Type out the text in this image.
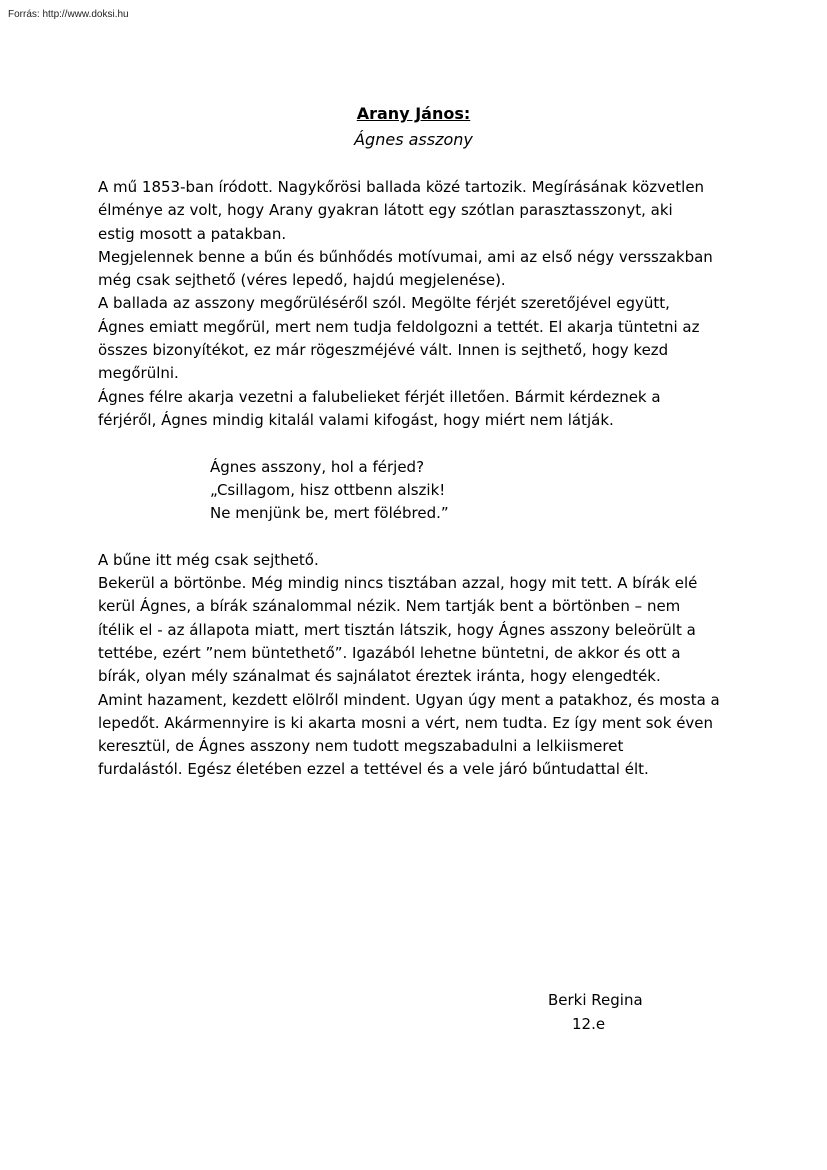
Forrás: http://www.doksi.hu
Arany János:
Ágnes asszony

A mű 1853-ban íródott. Nagykőrösi ballada közé tartozik. Megírásának közvetlen

élménye az volt, hogy Arany gyakran látott egy szótlan parasztasszonyt, aki

estig mosott a patakban.

Megjelennek benne a bűn és bűnhődés motívumai, ami az első négy versszakban

még csak sejthető (véres lepedő, hajdú megjelenése).

A ballada az asszony megőrüléséről szól. Megölte férjét szeretőjével együtt,

Ágnes emiatt megőrül, mert nem tudja feldolgozni a tettét. El akarja tüntetni az

összes bizonyítékot, ez már rögeszméjévé vált. Innen is sejthető, hogy kezd

megőrülni.

Ágnes félre akarja vezetni a falubelieket férjét illetően. Bármit kérdeznek a

férjéről, Ágnes mindig kitalál valami kifogást, hogy miért nem látják.

Ágnes asszony, hol a férjed?

„Csillagom, hisz ottbenn alszik!

Ne menjünk be, mert fölébred.”

A bűne itt még csak sejthető.

Bekerül a börtönbe. Még mindig nincs tisztában azzal, hogy mit tett. A bírák elé

kerül Ágnes, a bírák szánalommal nézik. Nem tartják bent a börtönben – nem

ítélik el - az állapota miatt, mert tisztán látszik, hogy Ágnes asszony beleörült a

tettébe, ezért ”nem büntethető”. Igazából lehetne büntetni, de akkor és ott a

bírák, olyan mély szánalmat és sajnálatot éreztek iránta, hogy elengedték.

Amint hazament, kezdett elölről mindent. Ugyan úgy ment a patakhoz, és mosta a

lepedőt. Akármennyire is ki akarta mosni a vért, nem tudta. Ez így ment sok éven

keresztül, de Ágnes asszony nem tudott megszabadulni a lelkiismeret

furdalástól. Egész életében ezzel a tettével és a vele járó bűntudattal élt.

Berki Regina
12.e
